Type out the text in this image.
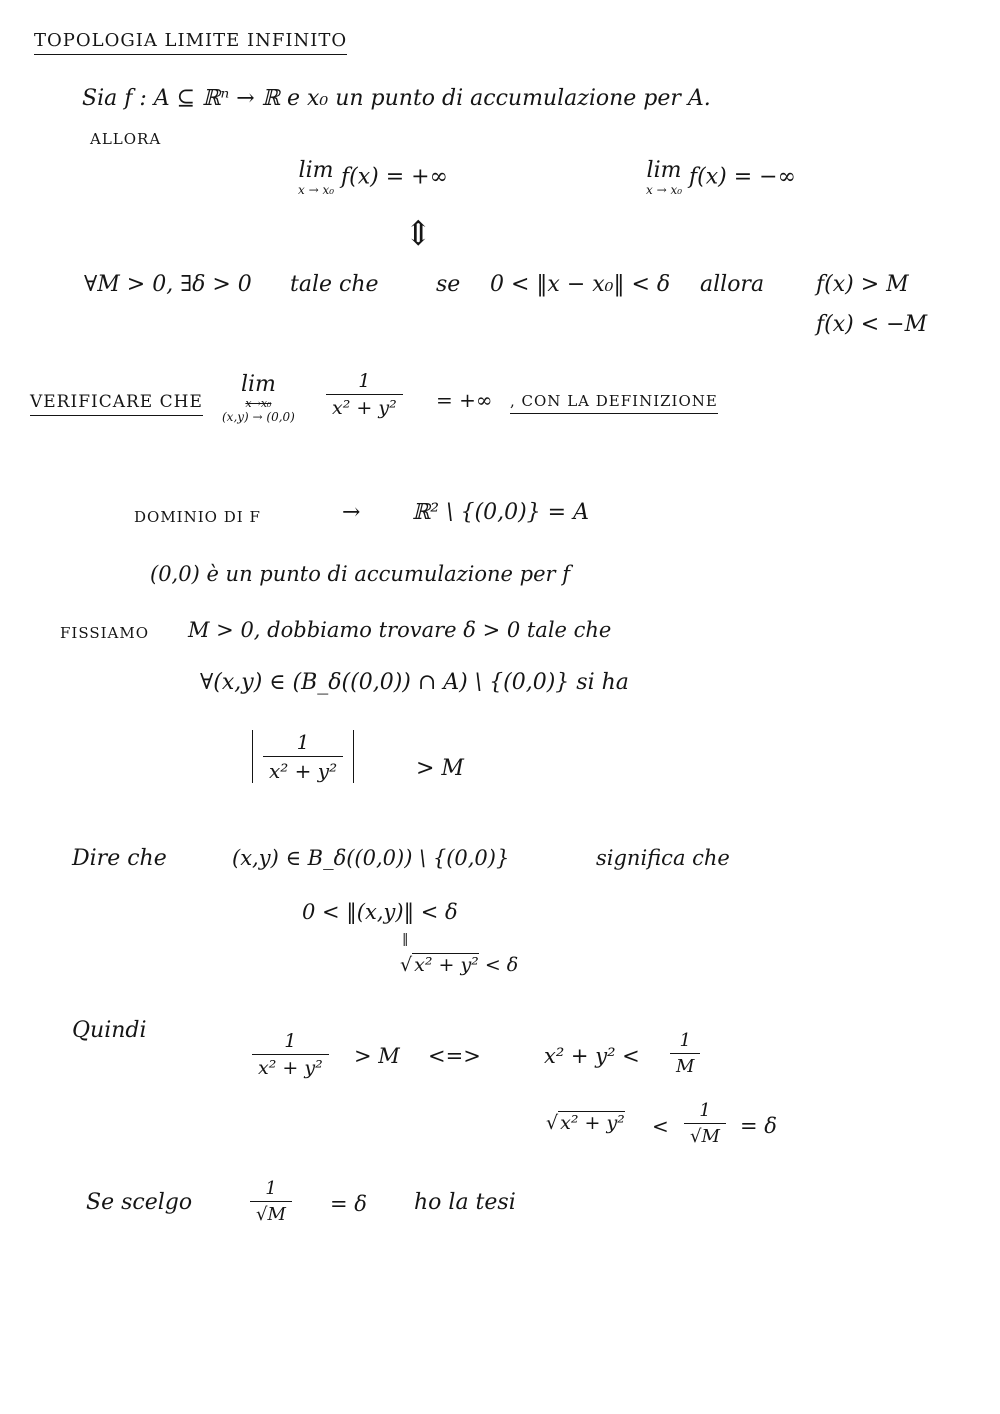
TOPOLOGIA LIMITE INFINITO
Sia f : A ⊆ ℝⁿ → ℝ e x₀ un punto di accumulazione per A.
ALLORA
lim
x → x₀
f(x) = +∞	lim
x → x₀
f(x) = −∞
⇕
∀M > 0, ∃δ > 0 tale che	se 0 < ‖x − x₀‖ < δ allora f(x) > M
f(x) < −M
VERIFICARE CHE
lim
x→x₀
$(x,y) \to (0,0) \frac{1}{\text{x² + y²}}$ = +∞ , CON LA DEFINIZIONE
DOMINIO DI F	→ ℝ² \ {(0,0)} = A
(0,0) è un punto di accumulazione per f
FISSIAMO M > 0, dobbiamo trovare δ > 0 tale che
∀(x,y) ∈ (B_δ((0,0)) ∩ A) \ {(0,0)} si ha
$\frac{1}{\text{x² + y²}}$	> M
Dire che	(x,y) ∈ B_δ((0,0)) \ {(0,0)}	significa che
0 < ‖(x,y)‖ < δ
‖
√ x² + y² < δ
Quindi	$\frac{1}{\text{x² + y²}} > M$ <=>	$x^2 + y^2 < \frac{1}{M}$
√ $x^2 + y^2 < \frac{1}{√M} = \delta$
Se scelgo	$\frac{1}{√M} = \delta$ ho la tesi
